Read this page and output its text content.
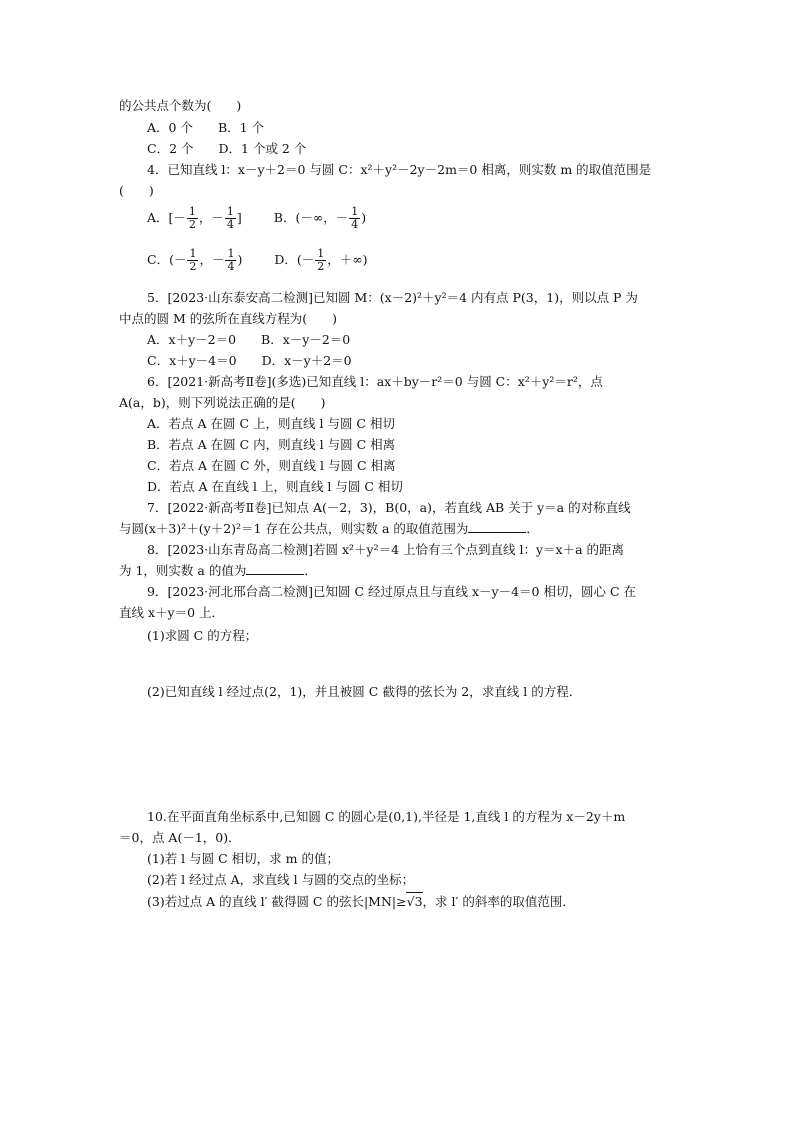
的公共点个数为(　　)
A．0 个　　B．1 个
C．2 个　　D．1 个或 2 个
4．已知直线 l：x－y＋2＝0 与圆 C：x²＋y²－2y－2m＝0 相离，则实数 m 的取值范围是
(　　)
A．[－ $\frac{1}{2}$ ，－ $\frac{1}{4}$ ]	B．(－∞，－ $\frac{1}{4}$ )
C．(－ $\frac{1}{2}$ ，－ $\frac{1}{4}$ )	D．(－ $\frac{1}{2}$ ，＋∞)
5．[2023·山东泰安高二检测]已知圆 M：(x－2)²＋y²＝4 内有点 P(3，1)，则以点 P 为
中点的圆 M 的弦所在直线方程为(　　)
A．x＋y－2＝0　　B．x－y－2＝0
C．x＋y－4＝0　　D．x－y＋2＝0
6．[2021·新高考Ⅱ卷](多选)已知直线 l：ax＋by－r²＝0 与圆 C：x²＋y²＝r²，点
A(a，b)，则下列说法正确的是(　　)
A．若点 A 在圆 C 上，则直线 l 与圆 C 相切
B．若点 A 在圆 C 内，则直线 l 与圆 C 相离
C．若点 A 在圆 C 外，则直线 l 与圆 C 相离
D．若点 A 在直线 l 上，则直线 l 与圆 C 相切
7．[2022·新高考Ⅱ卷]已知点 A(－2，3)，B(0，a)，若直线 AB 关于 y＝a 的对称直线
与圆(x＋3)²＋(y＋2)²＝1 存在公共点，则实数 a 的取值范围为	．
8．[2023·山东青岛高二检测]若圆 x²＋y²＝4 上恰有三个点到直线 l：y＝x＋a 的距离
为 1，则实数 a 的值为	．
9．[2023·河北邢台高二检测]已知圆 C 经过原点且与直线 x－y－4＝0 相切，圆心 C 在
直线 x＋y＝0 上．
(1)求圆 C 的方程；
(2)已知直线 l 经过点(2，1)，并且被圆 C 截得的弦长为 2，求直线 l 的方程．
10.在平面直角坐标系中,已知圆 C 的圆心是(0,1),半径是 1,直线 l 的方程为 x－2y＋m
＝0，点 A(－1，0)．
(1)若 l 与圆 C 相切，求 m 的值；
(2)若 l 经过点 A，求直线 l 与圆的交点的坐标；
(3)若过点 A 的直线 l′ 截得圆 C 的弦长|MN|≥√3，求 l′ 的斜率的取值范围．
